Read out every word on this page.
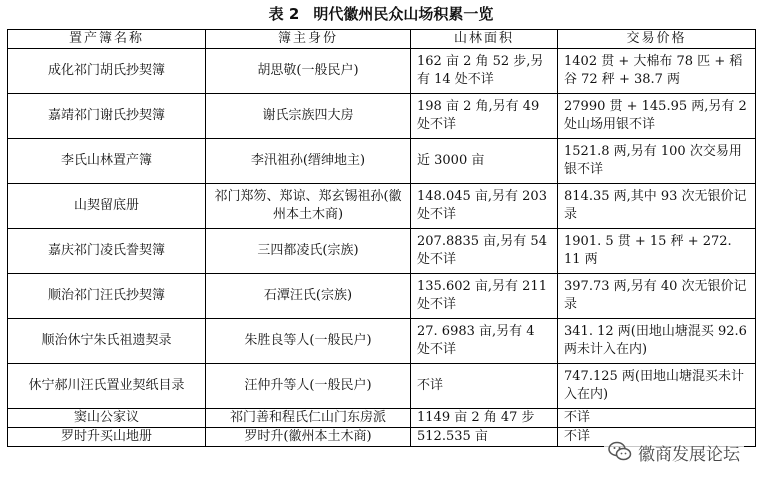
表 2 明代徽州民众山场积累一览
置产簿名称	簿主身份	山林面积	交易价格
成化祁门胡氏抄契簿	胡思敬(一般民户)	162 亩 2 角 52 步,另有 14 处不详	1402 贯 + 大棉布 78 匹 + 稻谷 72 秤 + 38.7 两
嘉靖祁门谢氏抄契簿	谢氏宗族四大房	198 亩 2 角,另有 49 处不详	27990 贯 + 145.95 两,另有 2 处山场用银不详
李氏山林置产簿	李汛祖孙(缙绅地主)	近 3000 亩	1521.8 两,另有 100 次交易用银不详
山契留底册	祁门郑笏、郑谅、郑玄锡祖孙(徽州本土木商)	148.045 亩,另有 203 处不详	814.35 两,其中 93 次无银价记录
嘉庆祁门凌氏誊契簿	三四都凌氏(宗族)	207.8835 亩,另有 54 处不详	1901. 5 贯 + 15 秤 + 272. 11 两
顺治祁门汪氏抄契簿	石潭汪氏(宗族)	135.602 亩,另有 211 处不详	397.73 两,另有 40 次无银价记录
顺治休宁朱氏祖遗契录	朱胜良等人(一般民户)	27. 6983 亩,另有 4 处不详	341. 12 两(田地山塘混买 92.6 两未计入在内)
休宁郝川汪氏置业契纸目录	汪仲升等人(一般民户)	不详	747.125 两(田地山塘混买未计入在内)
窦山公家议	祁门善和程氏仁山门东房派	1149 亩 2 角 47 步	不详
罗时升买山地册	罗时升(徽州本土木商)	512.535 亩	不详
徽商发展论坛
